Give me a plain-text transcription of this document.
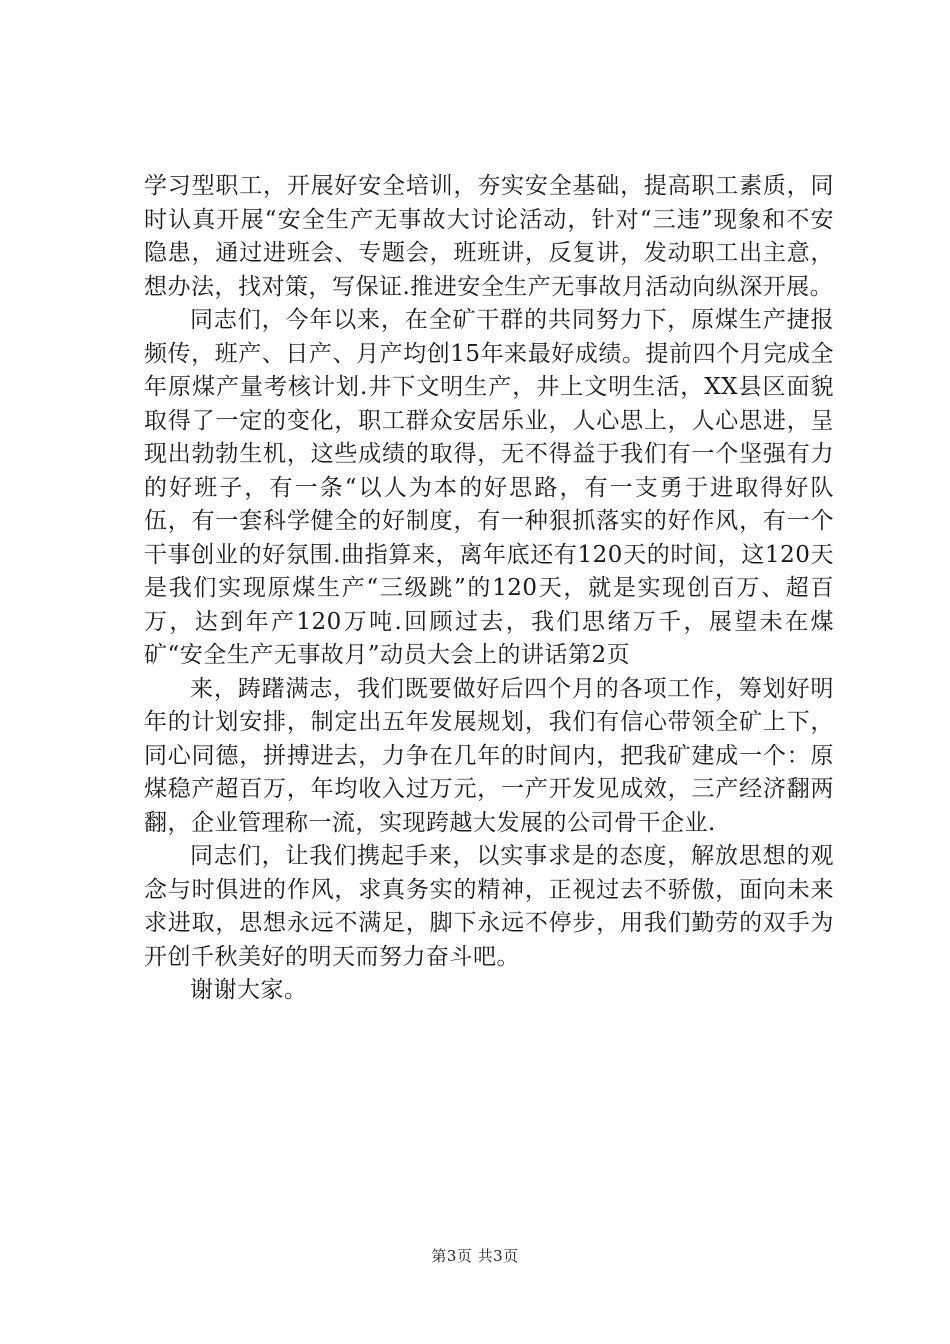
学习型职工，开展好安全培训，夯实安全基础，提高职工素质，同时认真开展“安全生产无事故大讨论活动，针对“三违”现象和不安隐患，通过进班会、专题会，班班讲，反复讲，发动职工出主意，想办法，找对策，写保证.推进安全生产无事故月活动向纵深开展。

同志们，今年以来，在全矿干群的共同努力下，原煤生产捷报频传，班产、日产、月产均创15年来最好成绩。提前四个月完成全年原煤产量考核计划.井下文明生产，井上文明生活，XX县区面貌取得了一定的变化，职工群众安居乐业，人心思上，人心思进，呈现出勃勃生机，这些成绩的取得，无不得益于我们有一个坚强有力的好班子，有一条“以人为本的好思路，有一支勇于进取得好队伍，有一套科学健全的好制度，有一种狠抓落实的好作风，有一个干事创业的好氛围.曲指算来，离年底还有120天的时间，这120天是我们实现原煤生产“三级跳”的120天，就是实现创百万、超百万，达到年产120万吨.回顾过去，我们思绪万千，展望未在煤矿“安全生产无事故月”动员大会上的讲话第2页

来，踌躇满志，我们既要做好后四个月的各项工作，筹划好明年的计划安排，制定出五年发展规划，我们有信心带领全矿上下，同心同德，拼搏进去，力争在几年的时间内，把我矿建成一个：原煤稳产超百万，年均收入过万元，一产开发见成效，三产经济翻两翻，企业管理称一流，实现跨越大发展的公司骨干企业.

同志们，让我们携起手来，以实事求是的态度，解放思想的观念与时俱进的作风，求真务实的精神，正视过去不骄傲，面向未来求进取，思想永远不满足，脚下永远不停步，用我们勤劳的双手为开创千秋美好的明天而努力奋斗吧。

谢谢大家。

第3页 共3页
